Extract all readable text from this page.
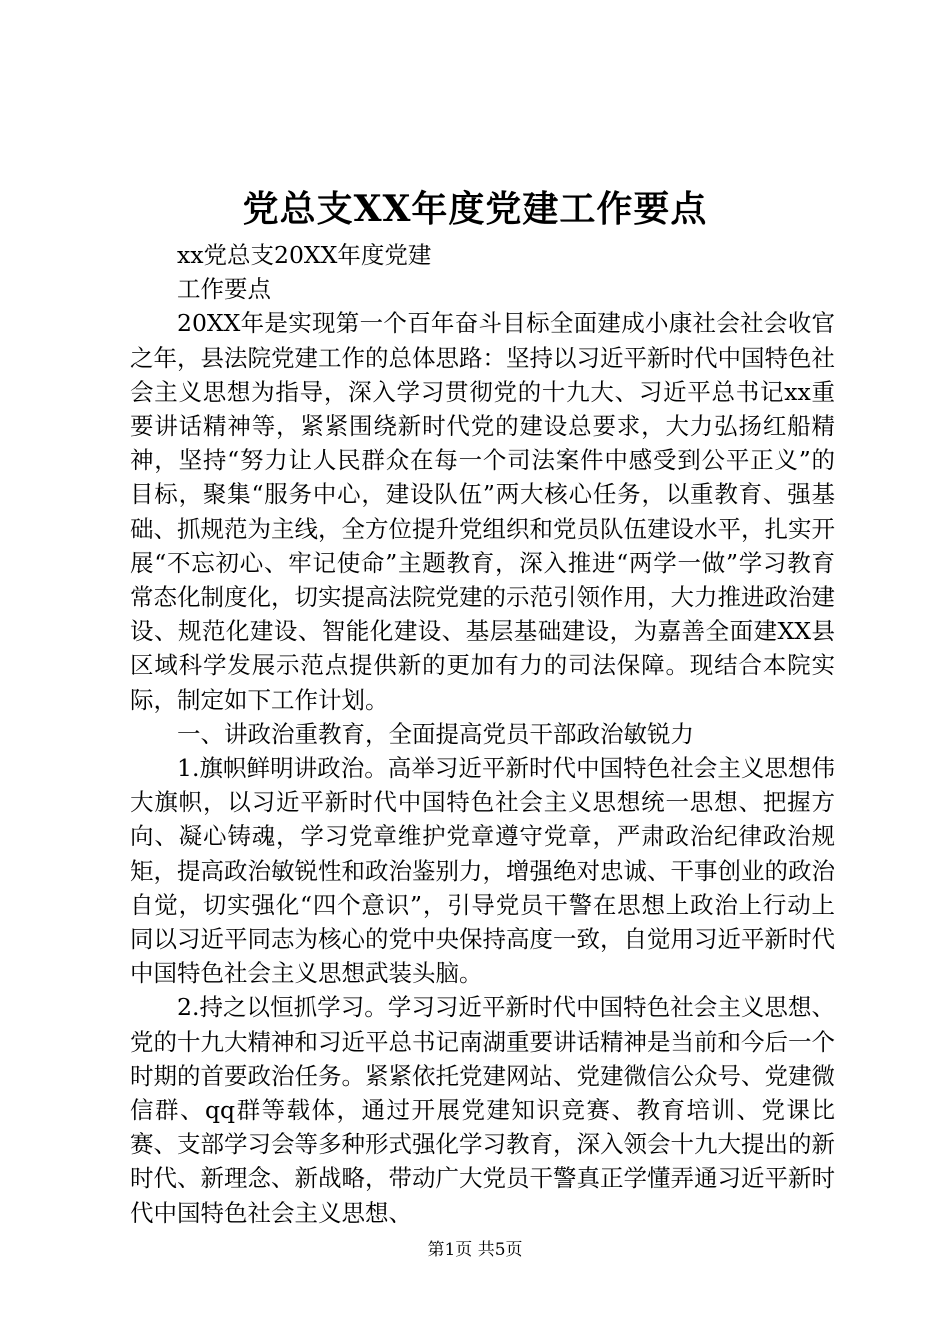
党总支XX年度党建工作要点

xx党总支20XX年度党建

工作要点

20XX年是实现第一个百年奋斗目标全面建成小康社会社会收官之年，县法院党建工作的总体思路：坚持以习近平新时代中国特色社会主义思想为指导，深入学习贯彻党的十九大、习近平总书记xx重要讲话精神等，紧紧围绕新时代党的建设总要求，大力弘扬红船精神，坚持“努力让人民群众在每一个司法案件中感受到公平正义”的目标，聚集“服务中心，建设队伍”两大核心任务，以重教育、强基础、抓规范为主线，全方位提升党组织和党员队伍建设水平，扎实开展“不忘初心、牢记使命”主题教育，深入推进“两学一做”学习教育常态化制度化，切实提高法院党建的示范引领作用，大力推进政治建设、规范化建设、智能化建设、基层基础建设，为嘉善全面建XX县区域科学发展示范点提供新的更加有力的司法保障。现结合本院实际，制定如下工作计划。

一、讲政治重教育，全面提高党员干部政治敏锐力

1.旗帜鲜明讲政治。高举习近平新时代中国特色社会主义思想伟大旗帜，以习近平新时代中国特色社会主义思想统一思想、把握方向、凝心铸魂，学习党章维护党章遵守党章，严肃政治纪律政治规矩，提高政治敏锐性和政治鉴别力，增强绝对忠诚、干事创业的政治自觉，切实强化“四个意识”，引导党员干警在思想上政治上行动上同以习近平同志为核心的党中央保持高度一致，自觉用习近平新时代中国特色社会主义思想武装头脑。

2.持之以恒抓学习。学习习近平新时代中国特色社会主义思想、党的十九大精神和习近平总书记南湖重要讲话精神是当前和今后一个时期的首要政治任务。紧紧依托党建网站、党建微信公众号、党建微信群、qq群等载体，通过开展党建知识竞赛、教育培训、党课比赛、支部学习会等多种形式强化学习教育，深入领会十九大提出的新时代、新理念、新战略，带动广大党员干警真正学懂弄通习近平新时代中国特色社会主义思想、

第1页 共5页
